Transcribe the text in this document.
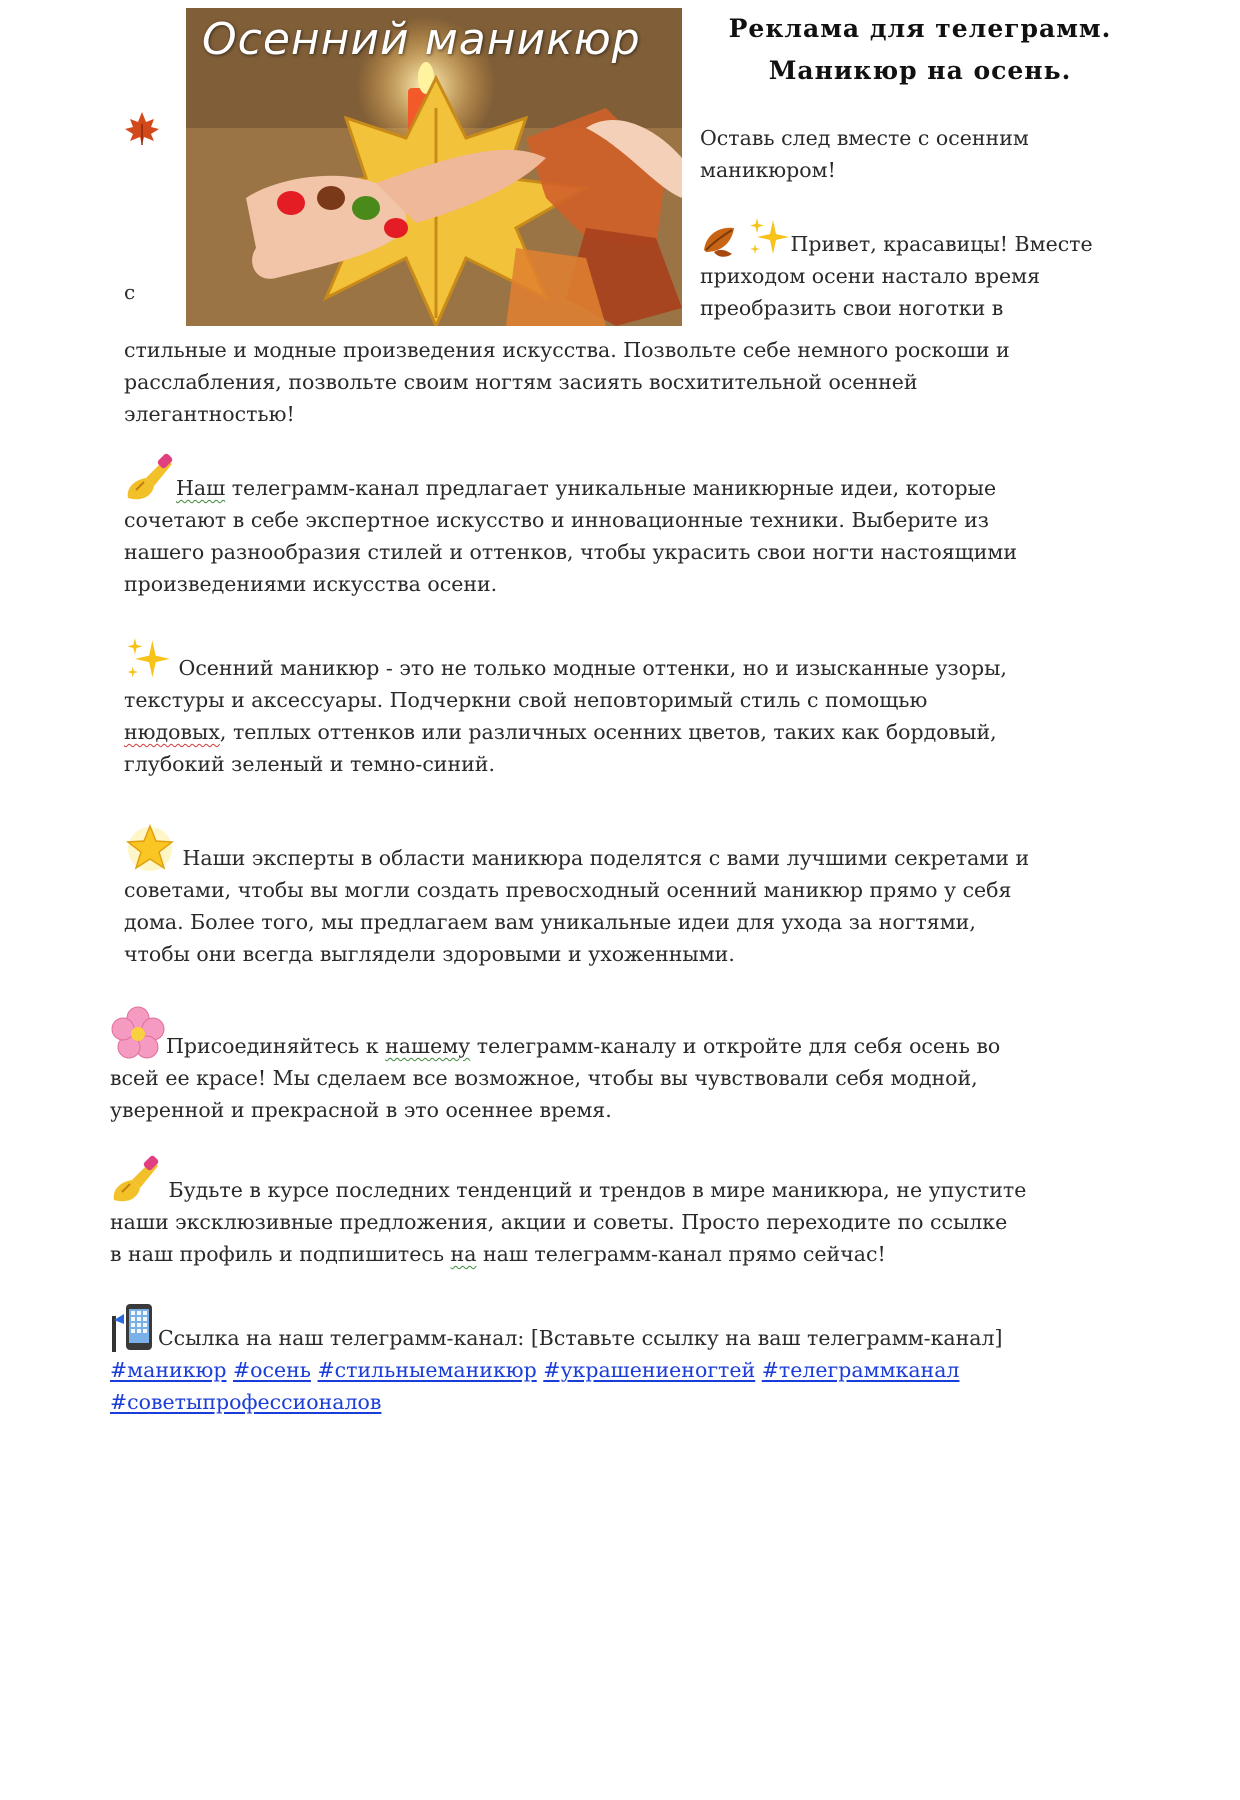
Осенний маникюр	Реклама для телеграмм.
Маникюр на осень.
с
Оставь след вместе с осенним
маникюром!
Привет, красавицы! Вместе
приходом осени настало время
преобразить свои ноготки в
стильные и модные произведения искусства. Позвольте себе немного роскоши и
расслабления, позвольте своим ногтям засиять восхитительной осенней
элегантностью!
Наш телеграмм-канал предлагает уникальные маникюрные идеи, которые
сочетают в себе экспертное искусство и инновационные техники. Выберите из
нашего разнообразия стилей и оттенков, чтобы украсить свои ногти настоящими
произведениями искусства осени.
Осенний маникюр - это не только модные оттенки, но и изысканные узоры,
текстуры и аксессуары. Подчеркни свой неповторимый стиль с помощью
нюдовых, теплых оттенков или различных осенних цветов, таких как бордовый,
глубокий зеленый и темно-синий.
Наши эксперты в области маникюра поделятся с вами лучшими секретами и
советами, чтобы вы могли создать превосходный осенний маникюр прямо у себя
дома. Более того, мы предлагаем вам уникальные идеи для ухода за ногтями,
чтобы они всегда выглядели здоровыми и ухоженными.
Присоединяйтесь к нашему телеграмм-каналу и откройте для себя осень во
всей ее красе! Мы сделаем все возможное, чтобы вы чувствовали себя модной,
уверенной и прекрасной в это осеннее время.
Будьте в курсе последних тенденций и трендов в мире маникюра, не упустите
наши эксклюзивные предложения, акции и советы. Просто переходите по ссылке
в наш профиль и подпишитесь на наш телеграмм-канал прямо сейчас!
Ссылка на наш телеграмм-канал: [Вставьте ссылку на ваш телеграмм-канал]
#маникюр #осень #стильныеманикюр #украшениеногтей #телеграммканал
#советыпрофессионалов
